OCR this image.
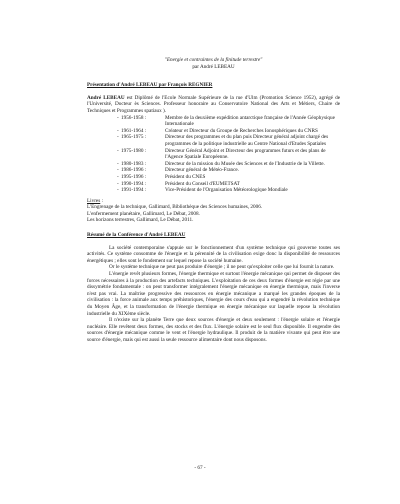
"Energie et contraintes de la finitude terrestre"
par André LEBEAU
Présentation d'André LEBEAU par François REGNIER

André LEBEAU est Diplômé de l'Ecole Normale Supérieure de la rue d'Ulm (Promotion Science 1952), agrégé de l'Université, Docteur ès Sciences. Professeur honoraire au Conservatoire National des Arts et Métiers, Chaire de Techniques et Programmes spatiaux ).

- 1956-1958 :	Membre de la deuxième expédition antarctique française de l'Année Géophysique Internationale
- 1961-1964 :	Créateur et Directeur du Groupe de Recherches Ionosphériques du CNRS
- 1965-1975 :	Directeur des programmes et du plan puis Directeur général adjoint chargé des programmes de la politique industrielle au Centre National d'Etudes Spatiales
- 1975-1980 :	Directeur Général Adjoint et Directeur des programmes futurs et des plans de l'Agence Spatiale Européenne.
- 1980-1983 :	Directeur de la mission du Musée des Sciences et de l'Industrie de la Villette.
- 1986-1996 :	Directeur général de Météo-France.
- 1995-1996 :	Président du CNES
- 1990-1994 :	Président du Conseil d'EUMETSAT
- 1991-1994 :	Vice-Président de l'Organisation Météorologique Mondiale
Livres :
L'Engrenage de la technique, Gallimard, Bibliothèque des Sciences humaines, 2006.
L'enfermement planétaire, Gallimard, Le Débat, 2008.
Les horizons terrestres, Gallimard, Le Débat, 2011.
Résumé de la Conférence d'André LEBEAU

La société contemporaine s'appuie sur le fonctionnement d'un système technique qui gouverne toutes ses activités. Ce système consomme de l'énergie et la pérennité de la civilisation exige donc la disponibilité de ressources énergétiques ; elles sont le fondement sur lequel repose la société humaine.

Or le système technique ne peut pas produire d'énergie ; il ne peut qu'exploiter celle que lui fournit la nature.

L'énergie revêt plusieurs formes, l'énergie thermique et surtout l'énergie mécanique qui permet de disposer des forces nécessaires à la production des artefacts techniques. L'exploitation de ces deux formes d'énergie est régie par une dissymétrie fondamentale : on peut transformer intégralement l'énergie mécanique en énergie thermique, mais l'inverse n'est pas vrai. La maîtrise progressive des ressources en énergie mécanique a marqué les grandes époques de la civilisation : la force animale aux temps préhistoriques, l'énergie des cours d'eau qui a engendré la révolution technique du Moyen Âge, et la transformation de l'énergie thermique en énergie mécanique sur laquelle repose la révolution industrielle du XIXème siècle.

Il n'existe sur la planète Terre que deux sources d'énergie et deux seulement : l'énergie solaire et l'énergie nucléaire. Elle revêtent deux formes, des stocks et des flux. L'énergie solaire est le seul flux disponible. Il engendre des sources d'énergie mécanique comme le vent et l'énergie hydraulique. Il produit de la matière vivante qui peut être une source d'énergie, mais qui est aussi la seule ressource alimentaire dont nous disposons.

- 67 -
